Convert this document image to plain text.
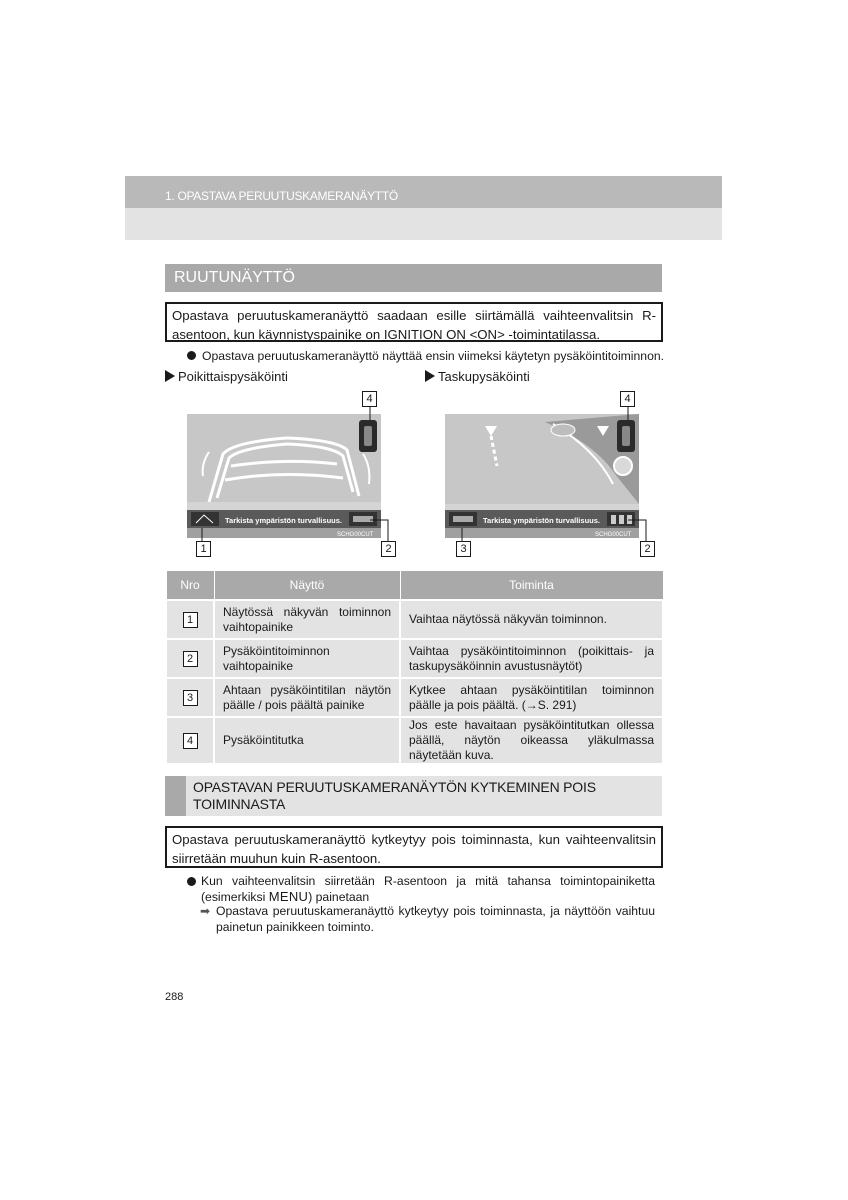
1. OPASTAVA PERUUTUSKAMERANÄYTTÖ
RUUTUNÄYTTÖ
Opastava peruutuskameranäyttö saadaan esille siirtämällä vaihteenvalitsin R-asentoon, kun käynnistyspainike on IGNITION ON <ON> -toimintatilassa.
Opastava peruutuskameranäyttö näyttää ensin viimeksi käytetyn pysäköintitoiminnon.
Poikittaispysäköinti	Taskupysäköinti
Tarkista ympäristön turvallisuus.
SCHG00CUT
Tarkista ympäristön turvallisuus.
SCHG00CUT
4	4
1	2	3	2
Nro	Näyttö	Toiminta
1	Näytössä näkyvän toiminnon vaihtopainike	Vaihtaa näytössä näkyvän toiminnon.
2	Pysäköintitoiminnon vaihtopainike	Vaihtaa pysäköintitoiminnon (poikittais- ja taskupysäköinnin avustusnäytöt)
3	Ahtaan pysäköintitilan näytön päälle / pois päältä painike	Kytkee ahtaan pysäköintitilan toiminnon päälle ja pois päältä. (→S. 291)
4	Pysäköintitutka	Jos este havaitaan pysäköintitutkan ollessa päällä, näytön oikeassa yläkulmassa näytetään kuva.
OPASTAVAN PERUUTUSKAMERANÄYTÖN KYTKEMINEN POIS TOIMINNASTA
Opastava peruutuskameranäyttö kytkeytyy pois toiminnasta, kun vaihteenvalitsin siirretään muuhun kuin R-asentoon.
Kun vaihteenvalitsin siirretään R-asentoon ja mitä tahansa toimintopainiketta (esimerkiksi MENU) painetaan
➡ Opastava peruutuskameranäyttö kytkeytyy pois toiminnasta, ja näyttöön vaihtuu painetun painikkeen toiminto.
288
